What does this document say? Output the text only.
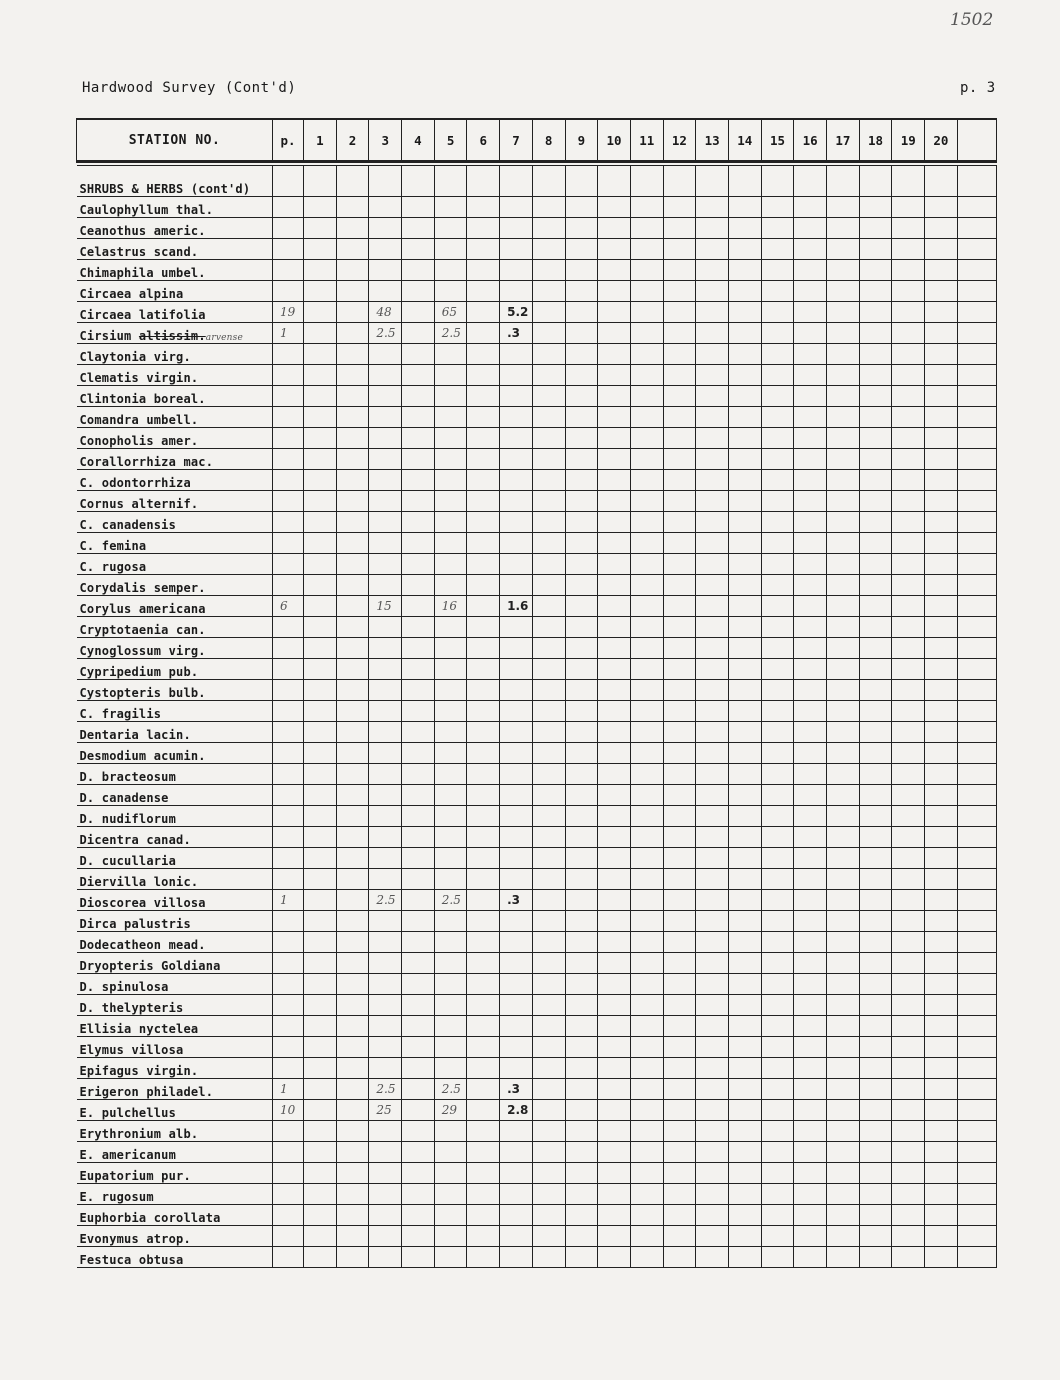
1502
Hardwood Survey (Cont'd)	p. 3
STATION NO.	p.	1	2	3	4	5	6	7	8	9	10	11	12	13	14	15	16	17	18	19	20	

SHRUBS & HERBS (cont'd)																						
Caulophyllum thal.																						
Ceanothus americ.																						
Celastrus scand.																						
Chimaphila umbel.																						
Circaea alpina																						
Circaea latifolia	19			48		65		5.2														
Cirsium altissim.arvense	1			2.5		2.5		.3														
Claytonia virg.																						
Clematis virgin.																						
Clintonia boreal.																						
Comandra umbell.																						
Conopholis amer.																						
Corallorrhiza mac.																						
C. odontorrhiza																						
Cornus alternif.																						
C. canadensis																						
C. femina																						
C. rugosa																						
Corydalis semper.																						
Corylus americana	6			15		16		1.6														
Cryptotaenia can.																						
Cynoglossum virg.																						
Cypripedium pub.																						
Cystopteris bulb.																						
C. fragilis																						
Dentaria lacin.																						
Desmodium acumin.																						
D. bracteosum																						
D. canadense																						
D. nudiflorum																						
Dicentra canad.																						
D. cucullaria																						
Diervilla lonic.																						
Dioscorea villosa	1			2.5		2.5		.3														
Dirca palustris																						
Dodecatheon mead.																						
Dryopteris Goldiana																						
D. spinulosa																						
D. thelypteris																						
Ellisia nyctelea																						
Elymus villosa																						
Epifagus virgin.																						
Erigeron philadel.	1			2.5		2.5		.3														
E. pulchellus	10			25		29		2.8														
Erythronium alb.																						
E. americanum																						
Eupatorium pur.																						
E. rugosum																						
Euphorbia corollata																						
Evonymus atrop.																						
Festuca obtusa																						
